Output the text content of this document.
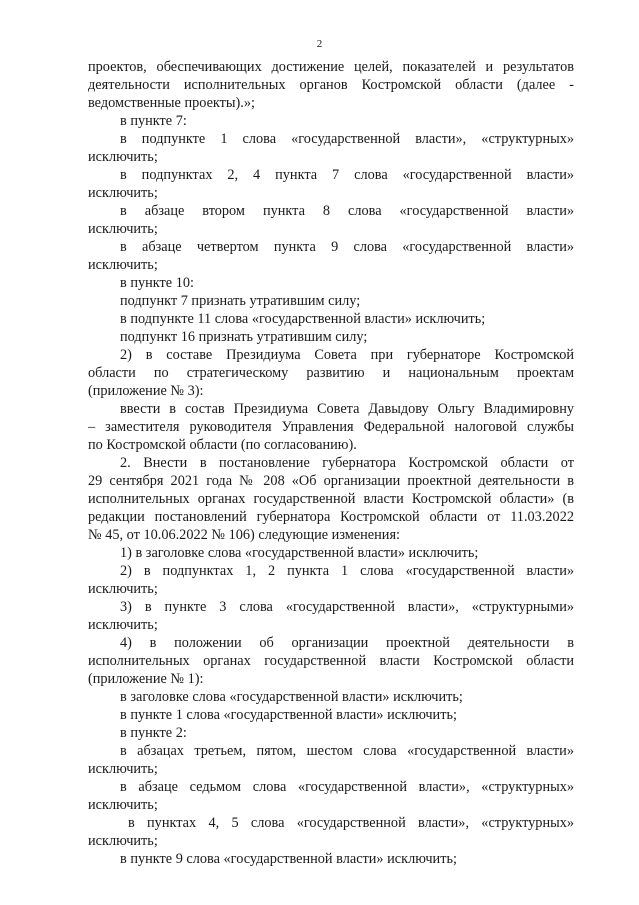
2
проектов, обеспечивающих достижение целей, показателей и результатов
деятельности исполнительных органов Костромской области (далее -
ведомственные проекты).»;
в пункте 7:
в подпункте 1 слова «государственной власти», «структурных»
исключить;
в подпунктах 2, 4 пункта 7 слова «государственной власти»
исключить;
в абзаце втором пункта 8 слова «государственной власти»
исключить;
в абзаце четвертом пункта 9 слова «государственной власти»
исключить;
в пункте 10:
подпункт 7 признать утратившим силу;
в подпункте 11 слова «государственной власти» исключить;
подпункт 16 признать утратившим силу;
2) в составе Президиума Совета при губернаторе Костромской
области по стратегическому развитию и национальным проектам
(приложение № 3):
ввести в состав Президиума Совета Давыдову Ольгу Владимировну
– заместителя руководителя Управления Федеральной налоговой службы
по Костромской области (по согласованию).
2. Внести в постановление губернатора Костромской области от
29 сентября 2021 года № 208 «Об организации проектной деятельности в
исполнительных органах государственной власти Костромской области» (в
редакции постановлений губернатора Костромской области от 11.03.2022
№ 45, от 10.06.2022 № 106) следующие изменения:
1) в заголовке слова «государственной власти» исключить;
2) в подпунктах 1, 2 пункта 1 слова «государственной власти»
исключить;
3) в пункте 3 слова «государственной власти», «структурными»
исключить;
4) в положении об организации проектной деятельности в
исполнительных органах государственной власти Костромской области
(приложение № 1):
в заголовке слова «государственной власти» исключить;
в пункте 1 слова «государственной власти» исключить;
в пункте 2:
в абзацах третьем, пятом, шестом слова «государственной власти»
исключить;
в абзаце седьмом слова «государственной власти», «структурных»
исключить;
в пунктах 4, 5 слова «государственной власти», «структурных»
исключить;
в пункте 9 слова «государственной власти» исключить;
